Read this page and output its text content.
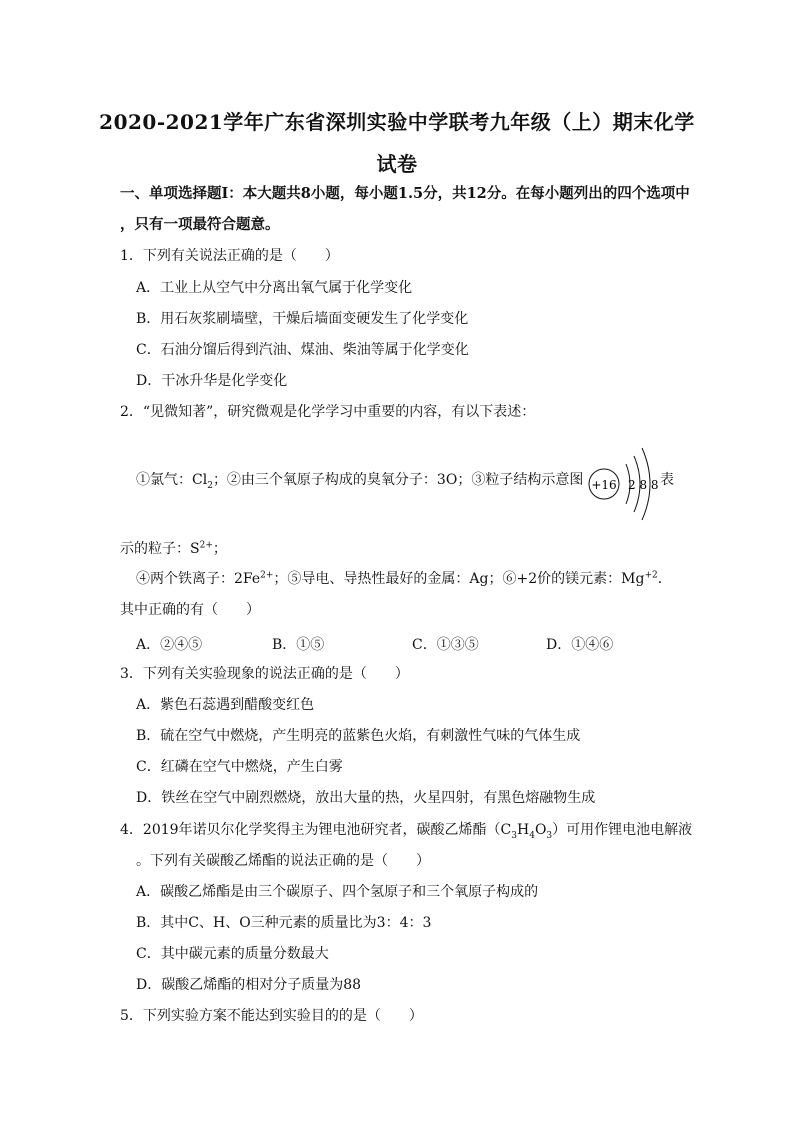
2020-2021学年广东省深圳实验中学联考九年级（上）期末化学
试卷
一、单项选择题Ⅰ：本大题共8小题，每小题1.5分，共12分。在每小题列出的四个选项中
，只有一项最符合题意。
1．下列有关说法正确的是（　　）
A．工业上从空气中分离出氧气属于化学变化
B．用石灰浆刷墙壁，干燥后墙面变硬发生了化学变化
C．石油分馏后得到汽油、煤油、柴油等属于化学变化
D．干冰升华是化学变化
2．“见微知著”，研究微观是化学学习中重要的内容，有以下表述：
①氯气：$Cl_2$；②由三个氧原子构成的臭氧分子：3O；③粒子结构示意图 +16 2 8 8 表
示的粒子：$S^{2+}$；
④两个铁离子：$2Fe^{2+}$；⑤导电、导热性最好的金属：Ag；⑥+2价的镁元素：$Mg^{+2}$．
其中正确的有（　　）
A．②④⑤	B．①⑤	C．①③⑤	D．①④⑥
3．下列有关实验现象的说法正确的是（　　）
A．紫色石蕊遇到醋酸变红色
B．硫在空气中燃烧，产生明亮的蓝紫色火焰，有刺激性气味的气体生成
C．红磷在空气中燃烧，产生白雾
D．铁丝在空气中剧烈燃烧，放出大量的热，火星四射，有黑色熔融物生成
4．2019年诺贝尔化学奖得主为锂电池研究者，碳酸乙烯酯$(C_3H_4O_3)$可用作锂电池电解液
。下列有关碳酸乙烯酯的说法正确的是（　　）
A．碳酸乙烯酯是由三个碳原子、四个氢原子和三个氧原子构成的
B．其中C、H、O三种元素的质量比为3：4：3
C．其中碳元素的质量分数最大
D．碳酸乙烯酯的相对分子质量为88
5．下列实验方案不能达到实验目的的是（　　）
